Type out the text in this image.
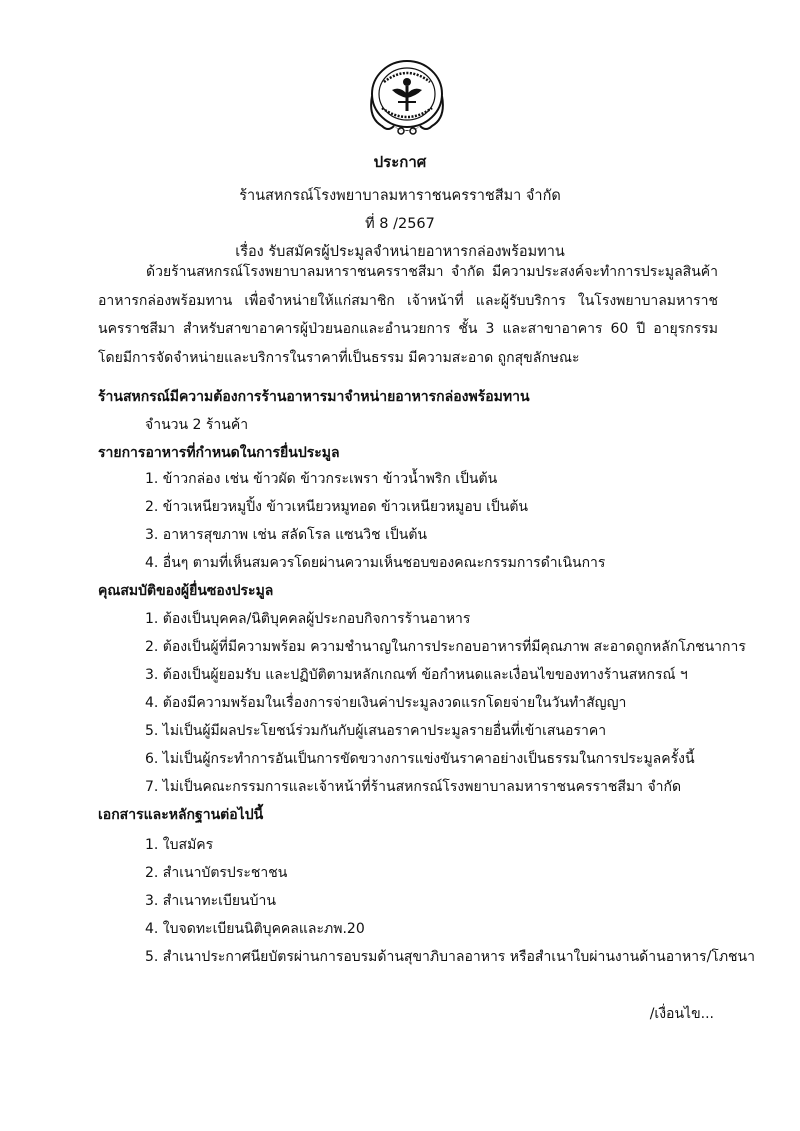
ประกาศ
ร้านสหกรณ์โรงพยาบาลมหาราชนครราชสีมา จำกัด
ที่ 8 /2567
เรื่อง รับสมัครผู้ประมูลจำหน่ายอาหารกล่องพร้อมทาน
ด้วยร้านสหกรณ์โรงพยาบาลมหาราชนครราชสีมา จำกัด มีความประสงค์จะทำการประมูลสินค้าอาหารกล่องพร้อมทาน เพื่อจำหน่ายให้แก่สมาชิก เจ้าหน้าที่ และผู้รับบริการ ในโรงพยาบาลมหาราชนครราชสีมา สำหรับสาขาอาคารผู้ป่วยนอกและอำนวยการ ชั้น 3 และสาขาอาคาร 60 ปี อายุรกรรม โดยมีการจัดจำหน่ายและบริการในราคาที่เป็นธรรม มีความสะอาด ถูกสุขลักษณะ
ร้านสหกรณ์มีความต้องการร้านอาหารมาจำหน่ายอาหารกล่องพร้อมทาน
จำนวน 2 ร้านค้า
รายการอาหารที่กำหนดในการยื่นประมูล
1. ข้าวกล่อง เช่น ข้าวผัด ข้าวกระเพรา ข้าวน้ำพริก เป็นต้น
2. ข้าวเหนียวหมูปิ้ง ข้าวเหนียวหมูทอด ข้าวเหนียวหมูอบ เป็นต้น
3. อาหารสุขภาพ เช่น สลัดโรล แซนวิช เป็นต้น
4. อื่นๆ ตามที่เห็นสมควรโดยผ่านความเห็นชอบของคณะกรรมการดำเนินการ
คุณสมบัติของผู้ยื่นซองประมูล
1. ต้องเป็นบุคคล/นิติบุคคลผู้ประกอบกิจการร้านอาหาร
2. ต้องเป็นผู้ที่มีความพร้อม ความชำนาญในการประกอบอาหารที่มีคุณภาพ สะอาดถูกหลักโภชนาการ
3. ต้องเป็นผู้ยอมรับ และปฏิบัติตามหลักเกณฑ์ ข้อกำหนดและเงื่อนไขของทางร้านสหกรณ์ ฯ
4. ต้องมีความพร้อมในเรื่องการจ่ายเงินค่าประมูลงวดแรกโดยจ่ายในวันทำสัญญา
5. ไม่เป็นผู้มีผลประโยชน์ร่วมกันกับผู้เสนอราคาประมูลรายอื่นที่เข้าเสนอราคา
6. ไม่เป็นผู้กระทำการอันเป็นการขัดขวางการแข่งขันราคาอย่างเป็นธรรมในการประมูลครั้งนี้
7. ไม่เป็นคณะกรรมการและเจ้าหน้าที่ร้านสหกรณ์โรงพยาบาลมหาราชนครราชสีมา จำกัด
เอกสารและหลักฐานต่อไปนี้
1. ใบสมัคร
2. สำเนาบัตรประชาชน
3. สำเนาทะเบียนบ้าน
4. ใบจดทะเบียนนิติบุคคลและภพ.20
5. สำเนาประกาศนียบัตรผ่านการอบรมด้านสุขาภิบาลอาหาร หรือสำเนาใบผ่านงานด้านอาหาร/โภชนา
/เงื่อนไข...
